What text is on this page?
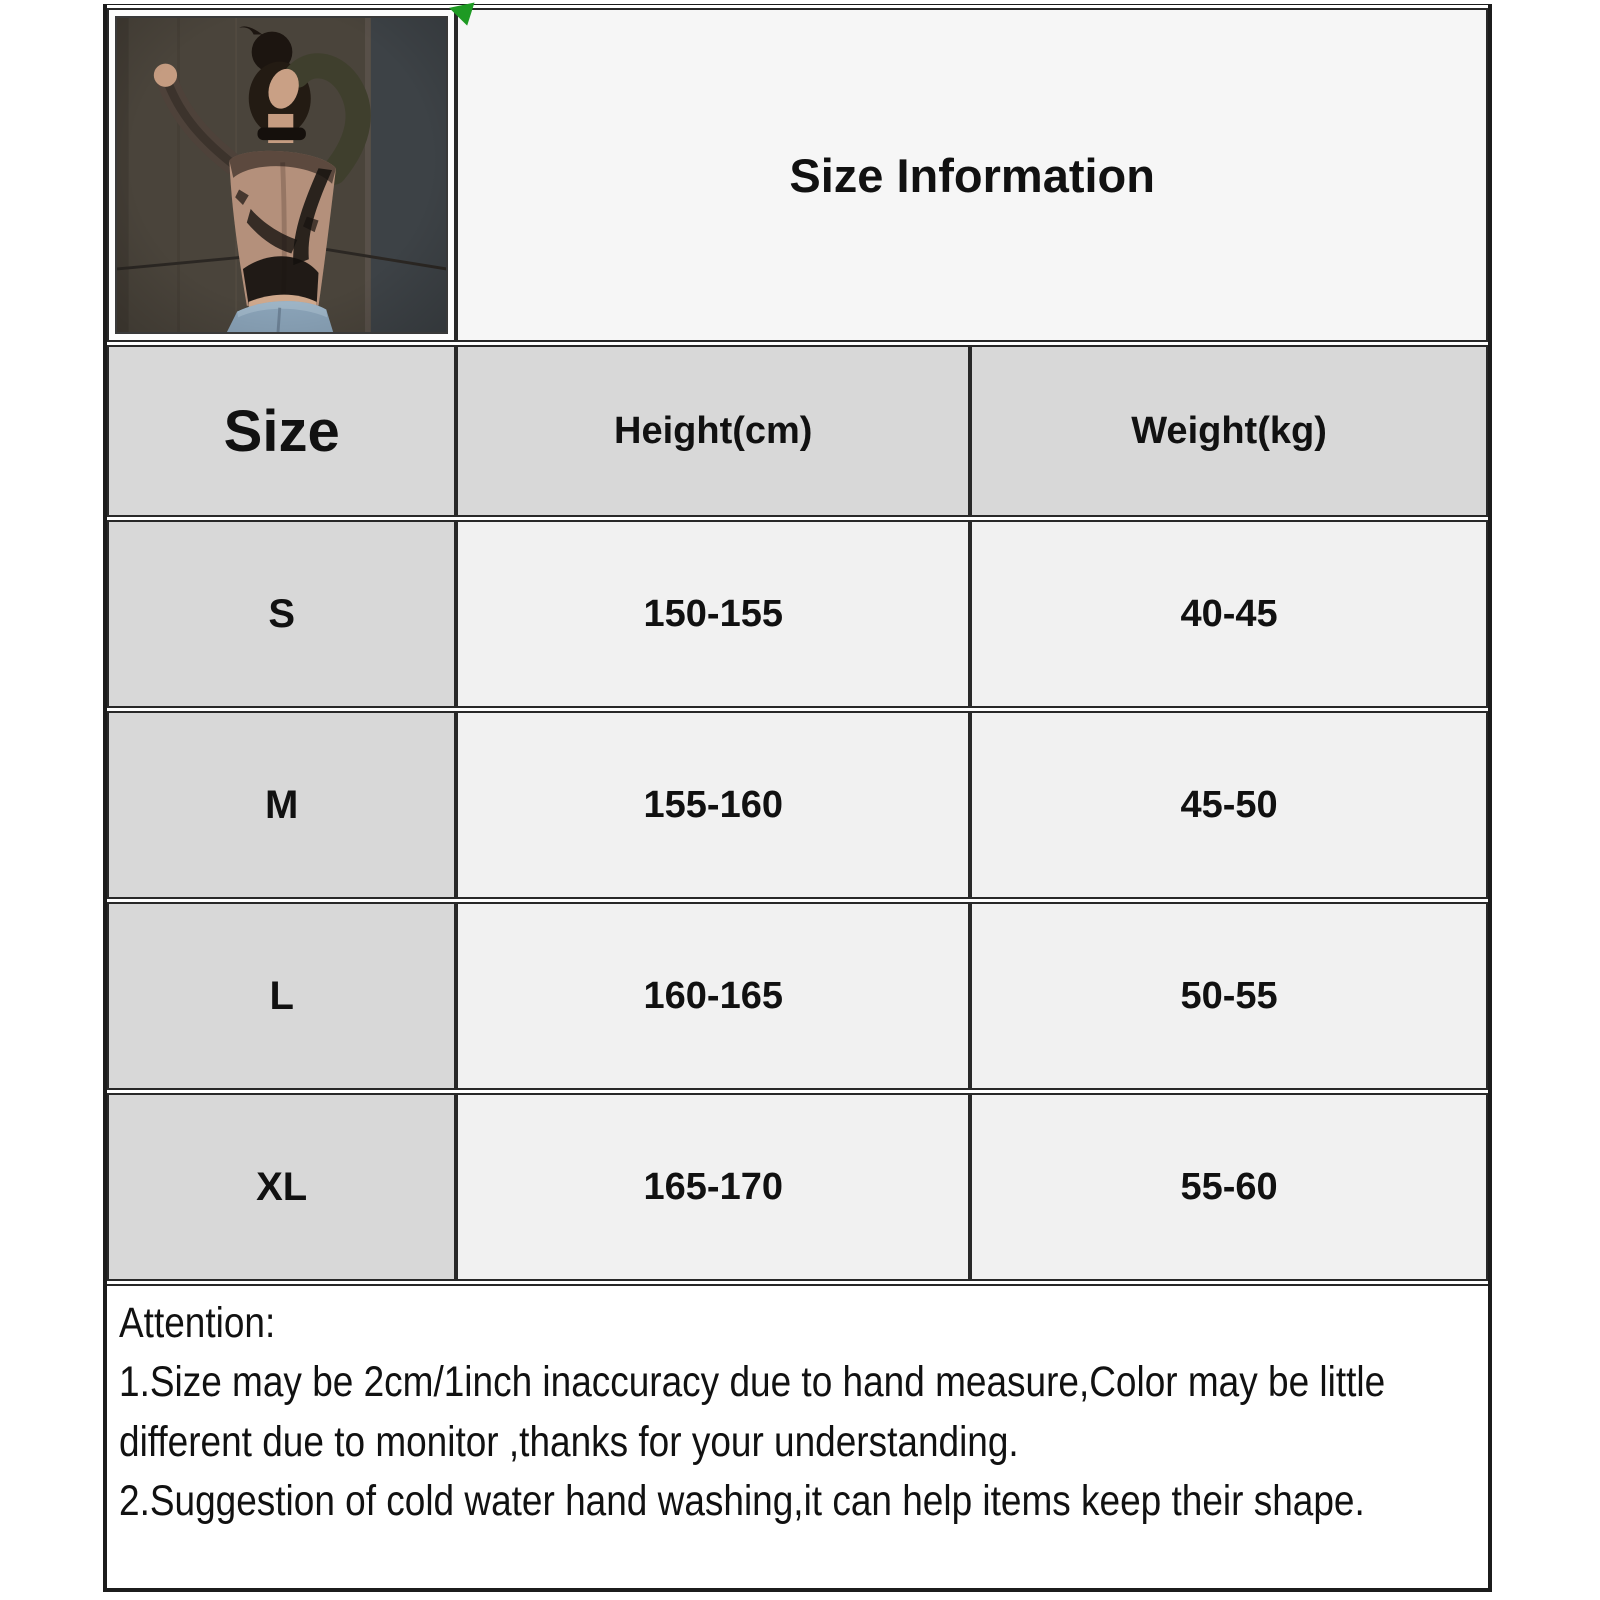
	Size Information	
Size	Height(cm)	Weight(kg)
S	150-155	40-45
M	155-160	45-50
L	160-165	50-55
XL	165-170	55-60
Attention:
1.Size may be 2cm/1inch inaccuracy due to hand measure,Color may be little
different due to monitor ,thanks for your understanding.
2.Suggestion of cold water hand washing,it can help items keep their shape.
